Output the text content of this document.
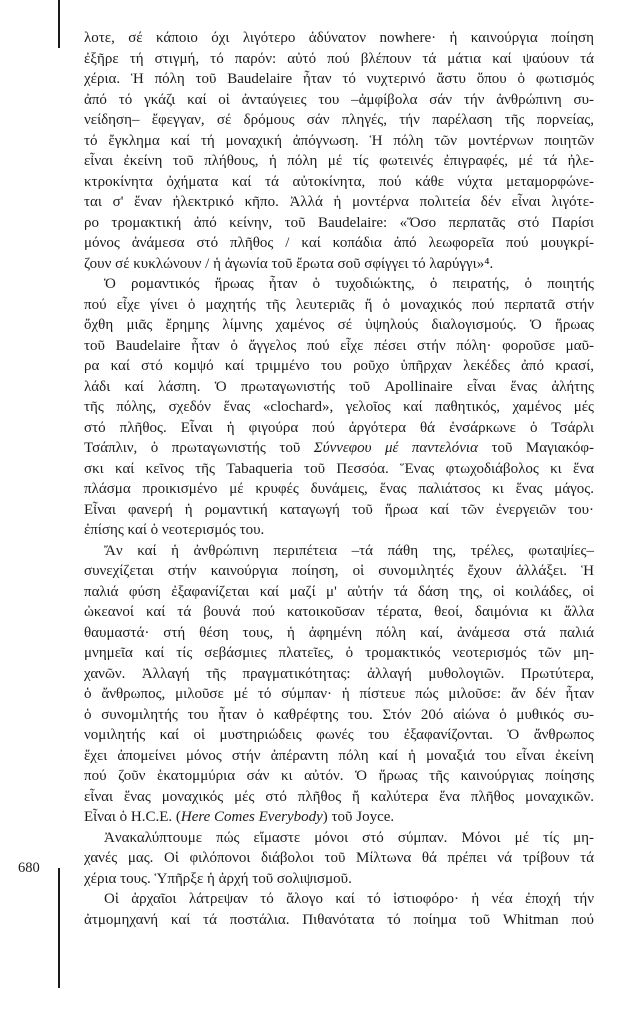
680
λοτε, σέ κάποιο όχι λιγότερο ἀδύνατον nowhere· ἡ καινούργια ποίηση
ἐξῆρε τή στιγμή, τό παρόν: αὐτό πού βλέπουν τά μάτια καί ψαύουν τά
χέρια. Ἡ πόλη τοῦ Baudelaire ἦταν τό νυχτερινό ἄστυ ὅπου ὁ φωτισμός
ἀπό τό γκάζι καί οἱ ἀνταύγειες του –ἀμφίβολα σάν τήν ἀνθρώπινη συ-
νείδηση– ἔφεγγαν, σέ δρόμους σάν πληγές, τήν παρέλαση τῆς πορνείας,
τό ἔγκλημα καί τή μοναχική ἀπόγνωση. Ἡ πόλη τῶν μοντέρνων ποιητῶν
εἶναι ἐκείνη τοῦ πλήθους, ἡ πόλη μέ τίς φωτεινές ἐπιγραφές, μέ τά ἠλε-
κτροκίνητα ὀχήματα καί τά αὐτοκίνητα, πού κάθε νύχτα μεταμορφώνε-
ται σ' ἕναν ἠλεκτρικό κῆπο. Ἀλλά ἡ μοντέρνα πολιτεία δέν εἶναι λιγότε-
ρο τρομακτική ἀπό κείνην, τοῦ Baudelaire: «Ὅσο περπατᾶς στό Παρίσι
μόνος ἀνάμεσα στό πλῆθος / καί κοπάδια ἀπό λεωφορεῖα πού μουγκρί-
ζουν σέ κυκλώνουν / ἡ ἀγωνία τοῦ ἔρωτα σοῦ σφίγγει τό λαρύγγι»⁴.
Ὁ ρομαντικός ἥρωας ἦταν ὁ τυχοδιώκτης, ὁ πειρατής, ὁ ποιητής
πού εἶχε γίνει ὁ μαχητής τῆς λευτεριᾶς ἤ ὁ μοναχικός πού περπατᾶ στήν
ὄχθη μιᾶς ἔρημης λίμνης χαμένος σέ ὑψηλούς διαλογισμούς. Ὁ ἥρωας
τοῦ Baudelaire ἦταν ὁ ἄγγελος πού εἶχε πέσει στήν πόλη· φοροῦσε μαῦ-
ρα καί στό κομψό καί τριμμένο του ροῦχο ὑπῆρχαν λεκέδες ἀπό κρασί,
λάδι καί λάσπη. Ὁ πρωταγωνιστής τοῦ Apollinaire εἶναι ἕνας ἀλήτης
τῆς πόλης, σχεδόν ἕνας «clochard», γελοῖος καί παθητικός, χαμένος μές
στό πλῆθος. Εἶναι ἡ φιγούρα πού ἀργότερα θά ἐνσάρκωνε ὁ Τσάρλι
Τσάπλιν, ὁ πρωταγωνιστής τοῦ Σύννεφου μέ παντελόνια τοῦ Μαγιακόφ-
σκι καί κεῖνος τῆς Tabaqueria τοῦ Πεσσόα. Ἕνας φτωχοδιάβολος κι ἕνα
πλάσμα προικισμένο μέ κρυφές δυνάμεις, ἕνας παλιάτσος κι ἕνας μάγος.
Εἶναι φανερή ἡ ρομαντική καταγωγή τοῦ ἥρωα καί τῶν ἐνεργειῶν του·
ἐπίσης καί ὁ νεοτερισμός του.
Ἄν καί ἡ ἀνθρώπινη περιπέτεια –τά πάθη της, τρέλες, φωταψίες–
συνεχίζεται στήν καινούργια ποίηση, οἱ συνομιλητές ἔχουν ἀλλάξει. Ἡ
παλιά φύση ἐξαφανίζεται καί μαζί μ' αὐτήν τά δάση της, οἱ κοιλάδες, οἱ
ὠκεανοί καί τά βουνά πού κατοικοῦσαν τέρατα, θεοί, δαιμόνια κι ἄλλα
θαυμαστά· στή θέση τους, ἡ ἀφημένη πόλη καί, ἀνάμεσα στά παλιά
μνημεῖα καί τίς σεβάσμιες πλατεῖες, ὁ τρομακτικός νεοτερισμός τῶν μη-
χανῶν. Ἀλλαγή τῆς πραγματικότητας: ἀλλαγή μυθολογιῶν. Πρωτύτερα,
ὁ ἄνθρωπος, μιλοῦσε μέ τό σύμπαν· ἡ πίστευε πώς μιλοῦσε: ἄν δέν ἦταν
ὁ συνομιλητής του ἦταν ὁ καθρέφτης του. Στόν 20ό αἰώνα ὁ μυθικός συ-
νομιλητής καί οἱ μυστηριώδεις φωνές του ἐξαφανίζονται. Ὁ ἄνθρωπος
ἔχει ἀπομείνει μόνος στήν ἀπέραντη πόλη καί ἡ μοναξιά του εἶναι ἐκείνη
πού ζοῦν ἑκατομμύρια σάν κι αὐτόν. Ὁ ἥρωας τῆς καινούργιας ποίησης
εἶναι ἕνας μοναχικός μές στό πλῆθος ἤ καλύτερα ἕνα πλῆθος μοναχικῶν.
Εἶναι ὁ H.C.E. (Here Comes Everybody) τοῦ Joyce.
Ἀνακαλύπτουμε πώς εἴμαστε μόνοι στό σύμπαν. Μόνοι μέ τίς μη-
χανές μας. Οἱ φιλόπονοι διάβολοι τοῦ Μίλτωνα θά πρέπει νά τρίβουν τά
χέρια τους. Ὑπῆρξε ἡ ἀρχή τοῦ σολιψισμοῦ.
Οἱ ἀρχαῖοι λάτρεψαν τό ἄλογο καί τό ἱστιοφόρο· ἡ νέα ἐποχή τήν
ἀτμομηχανή καί τά ποστάλια. Πιθανότατα τό ποίημα τοῦ Whitman πού
